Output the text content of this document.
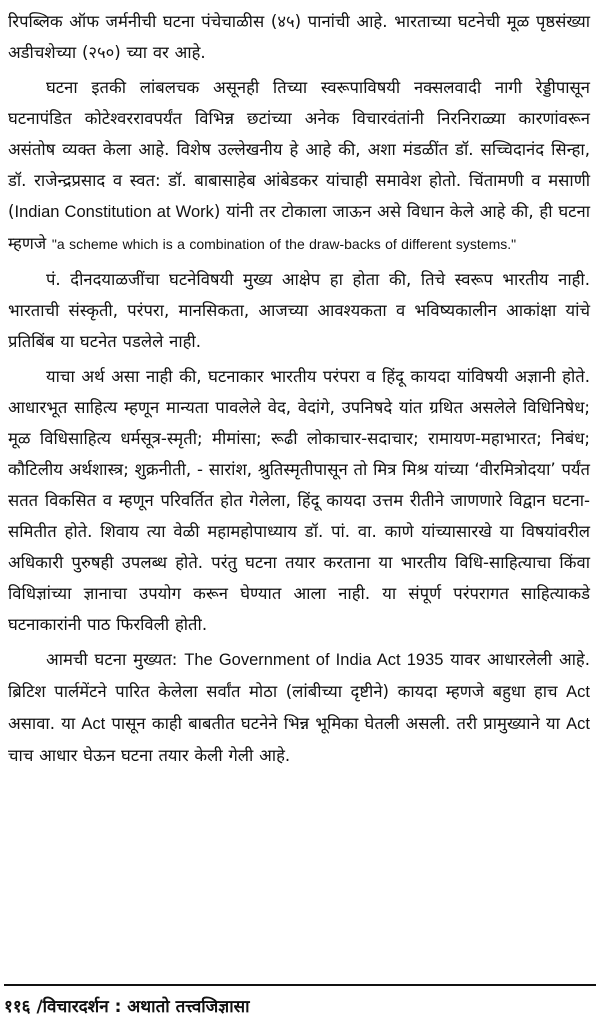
रिपब्लिक ऑफ जर्मनीची घटना पंचेचाळीस (४५) पानांची आहे. भारताच्या घटनेची मूळ पृष्ठसंख्या अडीचशेच्या (२५०) च्या वर आहे.

घटना इतकी लांबलचक असूनही तिच्या स्वरूपाविषयी नक्सलवादी नागी रेड्डीपासून घटनापंडित कोटेश्वररावपर्यंत विभिन्न छटांच्या अनेक विचारवंतांनी निरनिराळ्या कारणांवरून असंतोष व्यक्त केला आहे. विशेष उल्लेखनीय हे आहे की, अशा मंडळींत डॉ. सच्चिदानंद सिन्हा, डॉ. राजेन्द्रप्रसाद व स्वत: डॉ. बाबासाहेब आंबेडकर यांचाही समावेश होतो. चिंतामणी व मसाणी (Indian Constitution at Work) यांनी तर टोकाला जाऊन असे विधान केले आहे की, ही घटना म्हणजे "a scheme which is a combination of the draw-backs of different systems."

पं. दीनदयाळजींचा घटनेविषयी मुख्य आक्षेप हा होता की, तिचे स्वरूप भारतीय नाही. भारताची संस्कृती, परंपरा, मानसिकता, आजच्या आवश्यकता व भविष्यकालीन आकांक्षा यांचे प्रतिबिंब या घटनेत पडलेले नाही.

याचा अर्थ असा नाही की, घटनाकार भारतीय परंपरा व हिंदू कायदा यांविषयी अज्ञानी होते. आधारभूत साहित्य म्हणून मान्यता पावलेले वेद, वेदांगे, उपनिषदे यांत ग्रथित असलेले विधिनिषेध; मूळ विधिसाहित्य धर्मसूत्र-स्मृती; मीमांसा; रूढी लोकाचार-सदाचार; रामायण-महाभारत; निबंध; कौटिलीय अर्थशास्त्र; शुक्रनीती, - सारांश, श्रुतिस्मृतीपासून तो मित्र मिश्र यांच्या ‘वीरमित्रोदया’ पर्यंत सतत विकसित व म्हणून परिवर्तित होत गेलेला, हिंदू कायदा उत्तम रीतीने जाणणारे विद्वान घटना-समितीत होते. शिवाय त्या वेळी महामहोपाध्याय डॉ. पां. वा. काणे यांच्यासारखे या विषयांवरील अधिकारी पुरुषही उपलब्ध होते. परंतु घटना तयार करताना या भारतीय विधि-साहित्याचा किंवा विधिज्ञांच्या ज्ञानाचा उपयोग करून घेण्यात आला नाही. या संपूर्ण परंपरागत साहित्याकडे घटनाकारांनी पाठ फिरविली होती.

आमची घटना मुख्यत: The Government of India Act 1935 यावर आधारलेली आहे. ब्रिटिश पार्लमेंटने पारित केलेला सर्वांत मोठा (लांबीच्या दृष्टीने) कायदा म्हणजे बहुधा हाच Act असावा. या Act पासून काही बाबतीत घटनेने भिन्न भूमिका घेतली असली. तरी प्रामुख्याने या Act चाच आधार घेऊन घटना तयार केली गेली आहे.

११६ /विचारदर्शन : अथातो तत्त्वजिज्ञासा
